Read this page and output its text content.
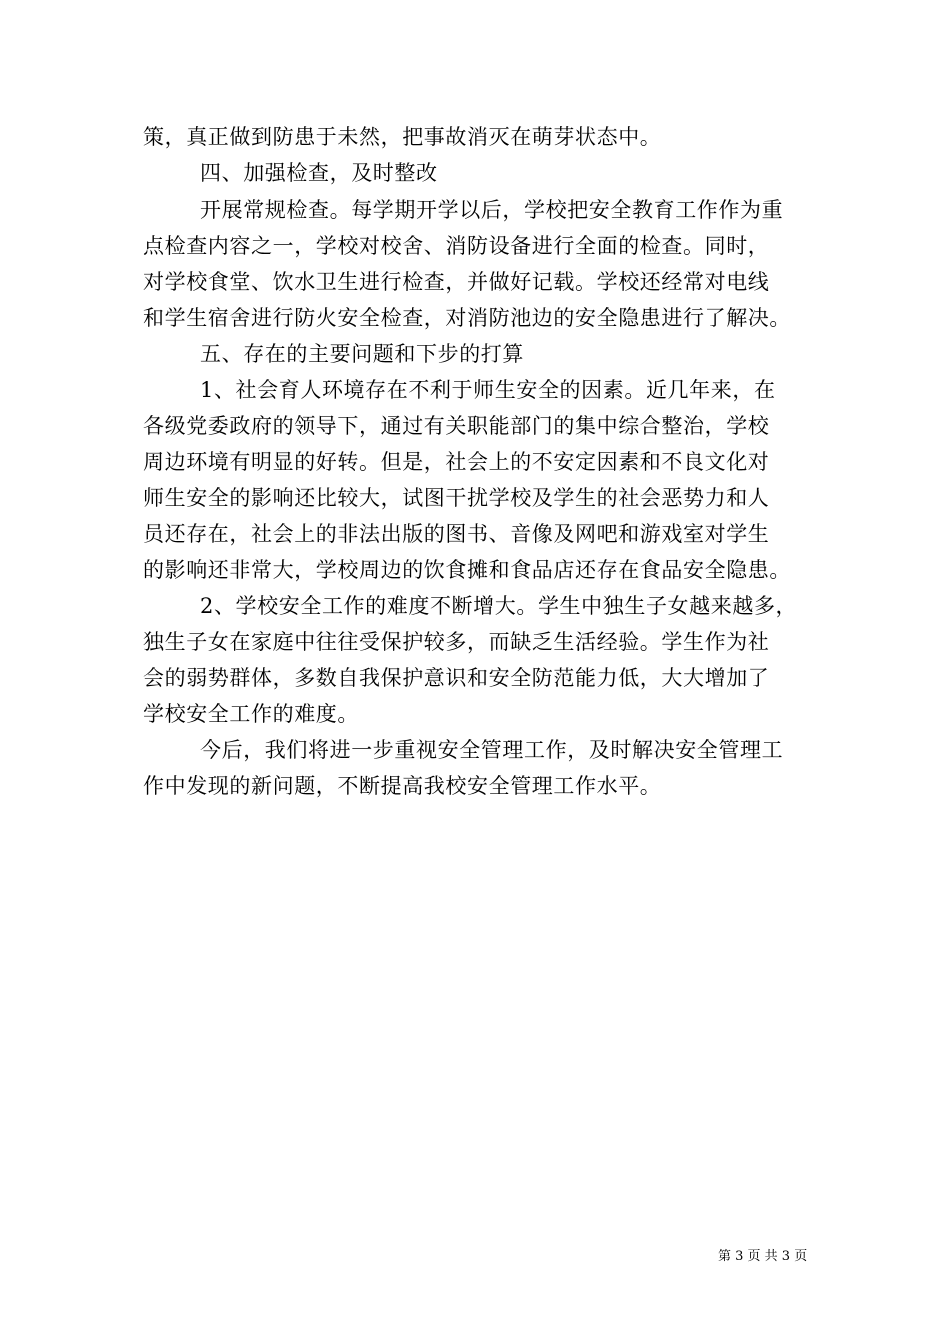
策，真正做到防患于未然，把事故消灭在萌芽状态中。
四、加强检查，及时整改
开展常规检查。每学期开学以后，学校把安全教育工作作为重
点检查内容之一，学校对校舍、消防设备进行全面的检查。同时，
对学校食堂、饮水卫生进行检查，并做好记载。学校还经常对电线
和学生宿舍进行防火安全检查，对消防池边的安全隐患进行了解决。
五、存在的主要问题和下步的打算
1、社会育人环境存在不利于师生安全的因素。近几年来，在
各级党委政府的领导下，通过有关职能部门的集中综合整治，学校
周边环境有明显的好转。但是，社会上的不安定因素和不良文化对
师生安全的影响还比较大，试图干扰学校及学生的社会恶势力和人
员还存在，社会上的非法出版的图书、音像及网吧和游戏室对学生
的影响还非常大，学校周边的饮食摊和食品店还存在食品安全隐患。
2、学校安全工作的难度不断增大。学生中独生子女越来越多，
独生子女在家庭中往往受保护较多，而缺乏生活经验。学生作为社
会的弱势群体，多数自我保护意识和安全防范能力低，大大增加了
学校安全工作的难度。
今后，我们将进一步重视安全管理工作，及时解决安全管理工
作中发现的新问题，不断提高我校安全管理工作水平。
第 3 页 共 3 页
